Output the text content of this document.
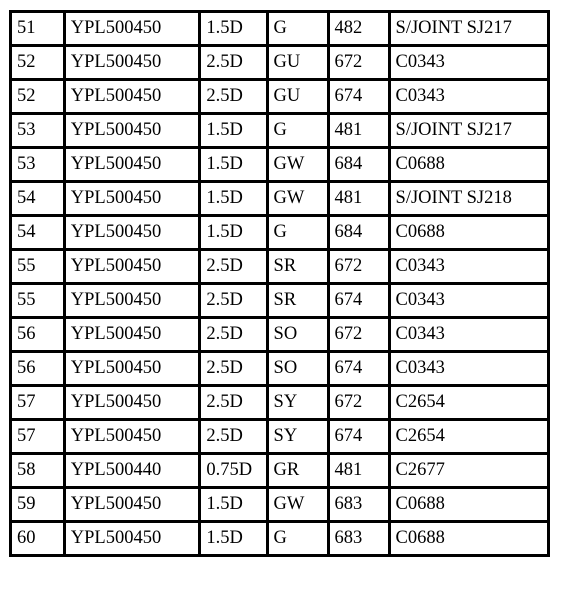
51	YPL500450	1.5D	G	482	S/JOINT SJ217
52	YPL500450	2.5D	GU	672	C0343
52	YPL500450	2.5D	GU	674	C0343
53	YPL500450	1.5D	G	481	S/JOINT SJ217
53	YPL500450	1.5D	GW	684	C0688
54	YPL500450	1.5D	GW	481	S/JOINT SJ218
54	YPL500450	1.5D	G	684	C0688
55	YPL500450	2.5D	SR	672	C0343
55	YPL500450	2.5D	SR	674	C0343
56	YPL500450	2.5D	SO	672	C0343
56	YPL500450	2.5D	SO	674	C0343
57	YPL500450	2.5D	SY	672	C2654
57	YPL500450	2.5D	SY	674	C2654
58	YPL500440	0.75D	GR	481	C2677
59	YPL500450	1.5D	GW	683	C0688
60	YPL500450	1.5D	G	683	C0688
